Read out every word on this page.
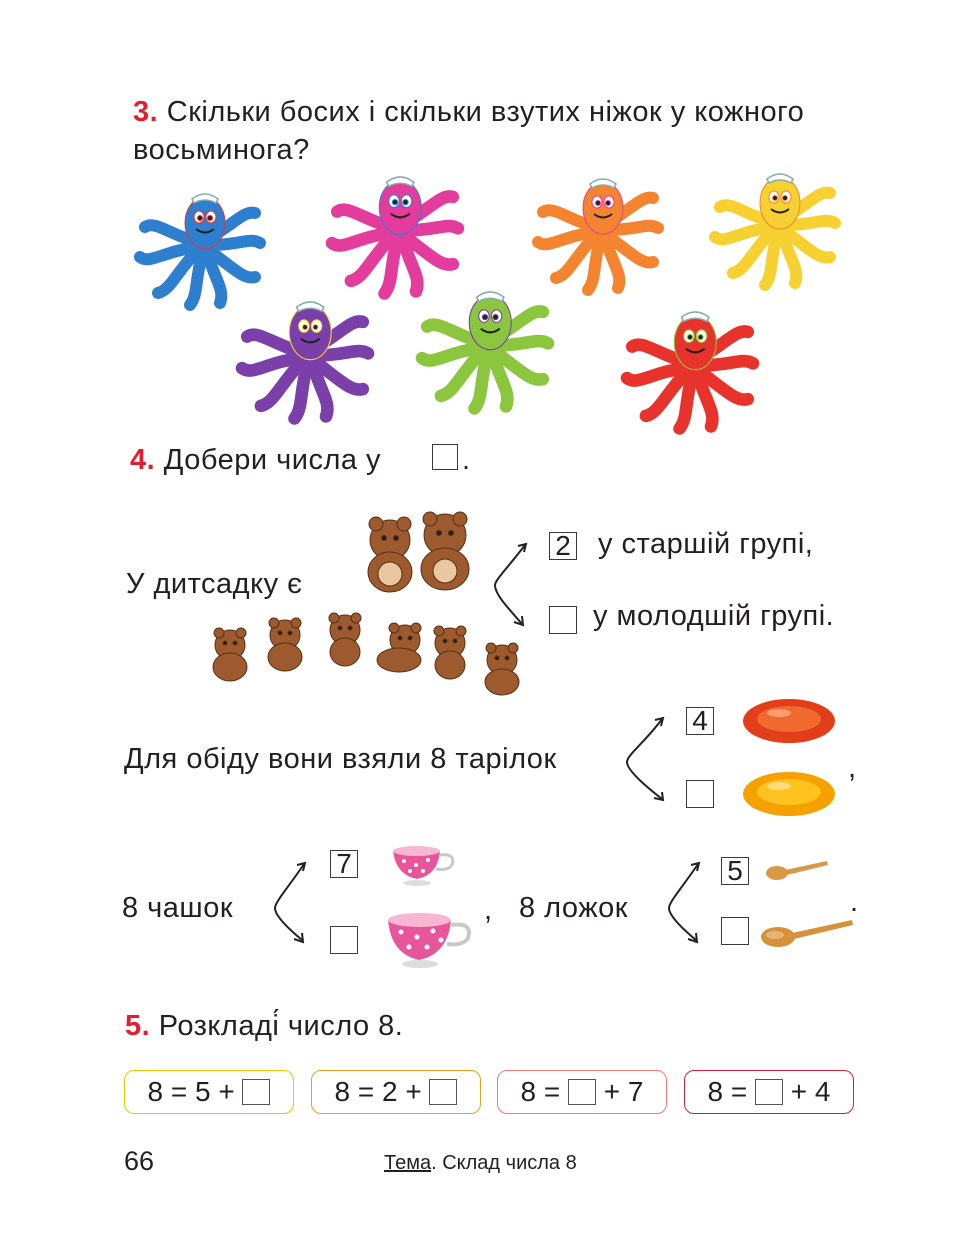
3. Скільки босих і скільки взутих ніжок у кожного
восьминога?
4. Добери числа у	.
У дитсадку є
2 у старшій групі,
у молодшій групі.
Для обіду вони взяли 8 тарілок
4
,
8 чашок
7
, 8 ложок
5
.
5. Розкладі́ число 8.
8 = 5 +	8 = 2 +	8 = + 7	8 = + 4
66	Тема. Склад числа 8
